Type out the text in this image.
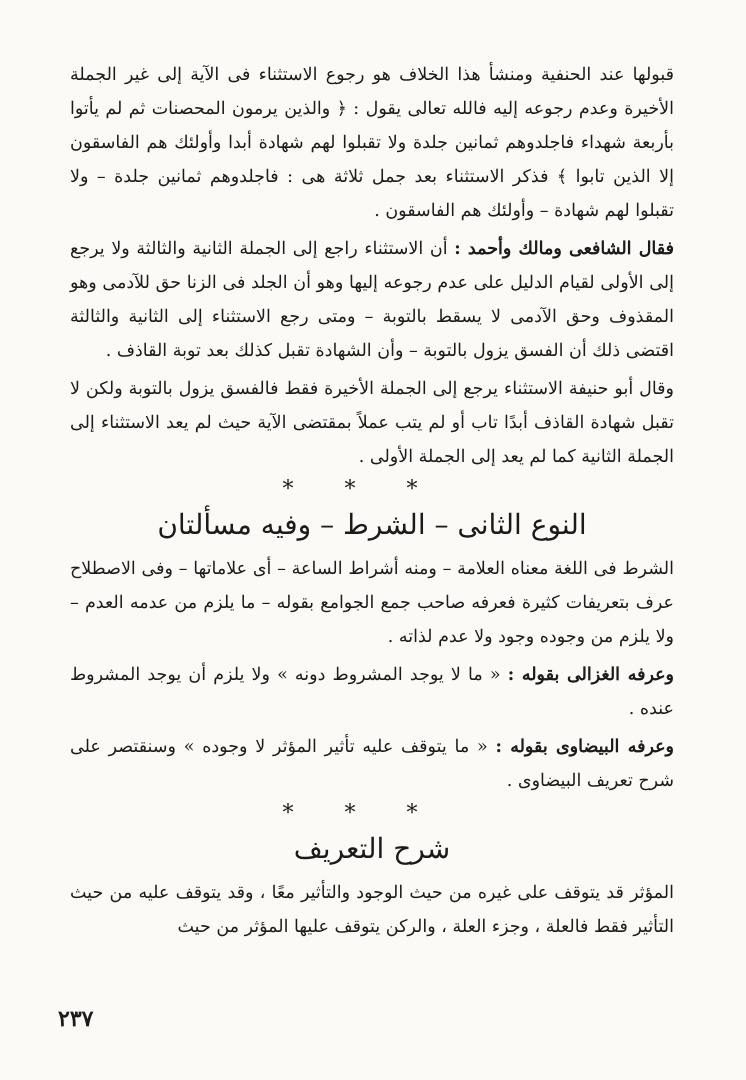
قبولها عند الحنفية ومنشأ هذا الخلاف هو رجوع الاستثناء فى الآية إلى غير الجملة الأخيرة وعدم رجوعه إليه فالله تعالى يقول : ﴿ والذين يرمون المحصنات ثم لم يأتوا بأربعة شهداء فاجلدوهم ثمانين جلدة ولا تقبلوا لهم شهادة أبدا وأولئك هم الفاسقون إلا الذين تابوا ﴾ فذكر الاستثناء بعد جمل ثلاثة هى : فاجلدوهم ثمانين جلدة – ولا تقبلوا لهم شهادة – وأولئك هم الفاسقون .

فقال الشافعى ومالك وأحمد : أن الاستثناء راجع إلى الجملة الثانية والثالثة ولا يرجع إلى الأولى لقيام الدليل على عدم رجوعه إليها وهو أن الجلد فى الزنا حق للآدمى وهو المقذوف وحق الآدمى لا يسقط بالتوبة – ومتى رجع الاستثناء إلى الثانية والثالثة اقتضى ذلك أن الفسق يزول بالتوبة – وأن الشهادة تقبل كذلك بعد توبة القاذف .

وقال أبو حنيفة الاستثناء يرجع إلى الجملة الأخيرة فقط فالفسق يزول بالتوبة ولكن لا تقبل شهادة القاذف أبدًا تاب أو لم يتب عملاً بمقتضى الآية حيث لم يعد الاستثناء إلى الجملة الثانية كما لم يعد إلى الجملة الأولى .

* * *
النوع الثانى – الشرط – وفيه مسألتان

الشرط فى اللغة معناه العلامة – ومنه أشراط الساعة – أى علاماتها – وفى الاصطلاح عرف بتعريفات كثيرة فعرفه صاحب جمع الجوامع بقوله – ما يلزم من عدمه العدم – ولا يلزم من وجوده وجود ولا عدم لذاته .

وعرفه الغزالى بقوله : « ما لا يوجد المشروط دونه » ولا يلزم أن يوجد المشروط عنده .

وعرفه البيضاوى بقوله : « ما يتوقف عليه تأثير المؤثر لا وجوده » وسنقتصر على شرح تعريف البيضاوى .

* * *
شرح التعريف

المؤثر قد يتوقف على غيره من حيث الوجود والتأثير معًا ، وقد يتوقف عليه من حيث التأثير فقط فالعلة ، وجزء العلة ، والركن يتوقف عليها المؤثر من حيث

٢٣٧
